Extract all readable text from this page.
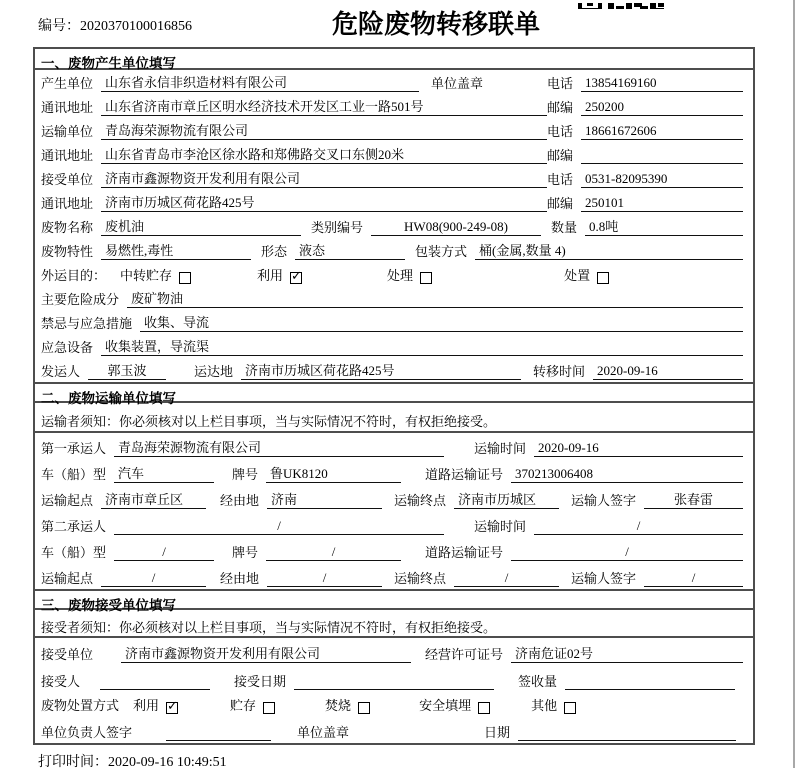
编号：2020370100016856	危险废物转移联单
一、废物产生单位填写
产生单位 山东省永信非织造材料有限公司	单位盖章	电话 13854169160
通讯地址 山东省济南市章丘区明水经济技术开发区工业一路501号	邮编 250200
运输单位 青岛海荣源物流有限公司	电话 18661672606
通讯地址 山东省青岛市李沧区徐水路和郑佛路交叉口东侧20米	邮编
接受单位 济南市鑫源物资开发利用有限公司	电话 0531-82095390
通讯地址 济南市历城区荷花路425号	邮编 250101
废物名称 废机油	类别编号	HW08(900-249-08)	数量 0.8吨
废物特性 易燃性,毒性	形态 液态	包装方式 桶(金属,数量 4)
外运目的： 中转贮存	利用 ✓	处理	处置
主要危险成分 废矿物油
禁忌与应急措施 收集、导流
应急设备 收集装置，导流渠
发运人	郭玉波	运达地 济南市历城区荷花路425号	转移时间 2020-09-16
二、废物运输单位填写
运输者须知：你必须核对以上栏目事项，当与实际情况不符时，有权拒绝接受。
第一承运人 青岛海荣源物流有限公司	运输时间 2020-09-16
车（船）型 汽车	牌号 鲁UK8120	道路运输证号 370213006408
运输起点 济南市章丘区	经由地 济南	运输终点 济南市历城区	运输人签字	张春雷
第二承运人	/	运输时间	/
车（船）型	/	牌号	/	道路运输证号	/
运输起点	/	经由地	/	运输终点	/	运输人签字	/
三、废物接受单位填写
接受者须知：你必须核对以上栏目事项，当与实际情况不符时，有权拒绝接受。
接受单位	济南市鑫源物资开发利用有限公司	经营许可证号 济南危证02号
接受人	接受日期	签收量
废物处置方式 利用 ✓	贮存	焚烧	安全填埋	其他
单位负责人签字	单位盖章	日期
打印时间：2020-09-16 10:49:51
